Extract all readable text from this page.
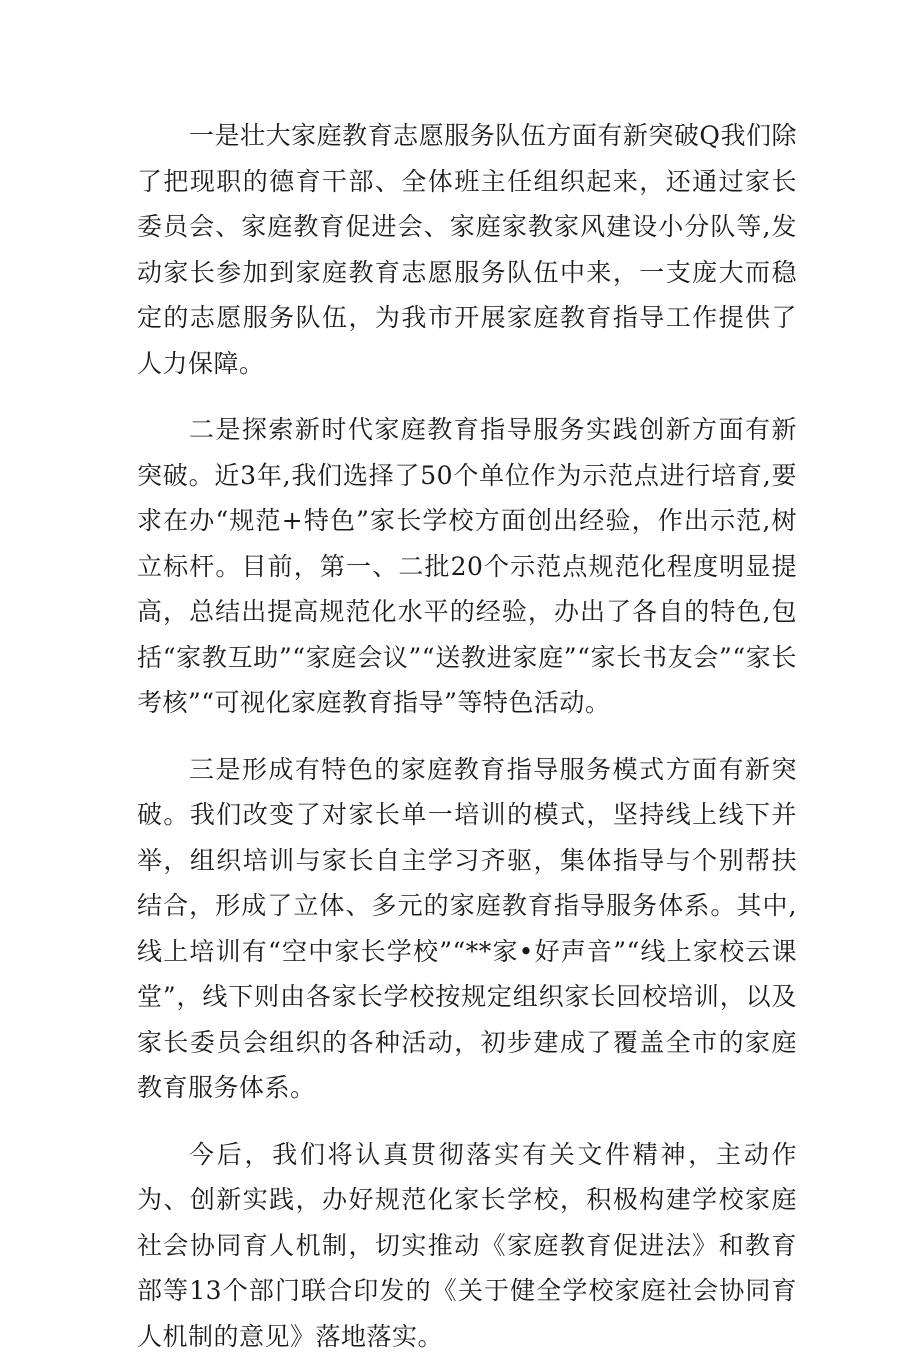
一是壮大家庭教育志愿服务队伍方面有新突破Q我们除了把现职的德育干部、全体班主任组织起来，还通过家长委员会、家庭教育促进会、家庭家教家风建设小分队等,发动家长参加到家庭教育志愿服务队伍中来，一支庞大而稳定的志愿服务队伍，为我市开展家庭教育指导工作提供了人力保障。

二是探索新时代家庭教育指导服务实践创新方面有新突破。近3年,我们选择了50个单位作为示范点进行培育,要求在办“规范+特色”家长学校方面创出经验，作出示范,树立标杆。目前，第一、二批20个示范点规范化程度明显提高，总结出提高规范化水平的经验，办出了各自的特色,包括“家教互助”“家庭会议”“送教进家庭”“家长书友会”“家长考核”“可视化家庭教育指导”等特色活动。

三是形成有特色的家庭教育指导服务模式方面有新突破。我们改变了对家长单一培训的模式，坚持线上线下并举，组织培训与家长自主学习齐驱，集体指导与个别帮扶结合，形成了立体、多元的家庭教育指导服务体系。其中,线上培训有“空中家长学校”“**家•好声音”“线上家校云课堂”，线下则由各家长学校按规定组织家长回校培训，以及家长委员会组织的各种活动，初步建成了覆盖全市的家庭教育服务体系。

今后，我们将认真贯彻落实有关文件精神，主动作为、创新实践，办好规范化家长学校，积极构建学校家庭社会协同育人机制，切实推动《家庭教育促进法》和教育部等13个部门联合印发的《关于健全学校家庭社会协同育人机制的意见》落地落实。
